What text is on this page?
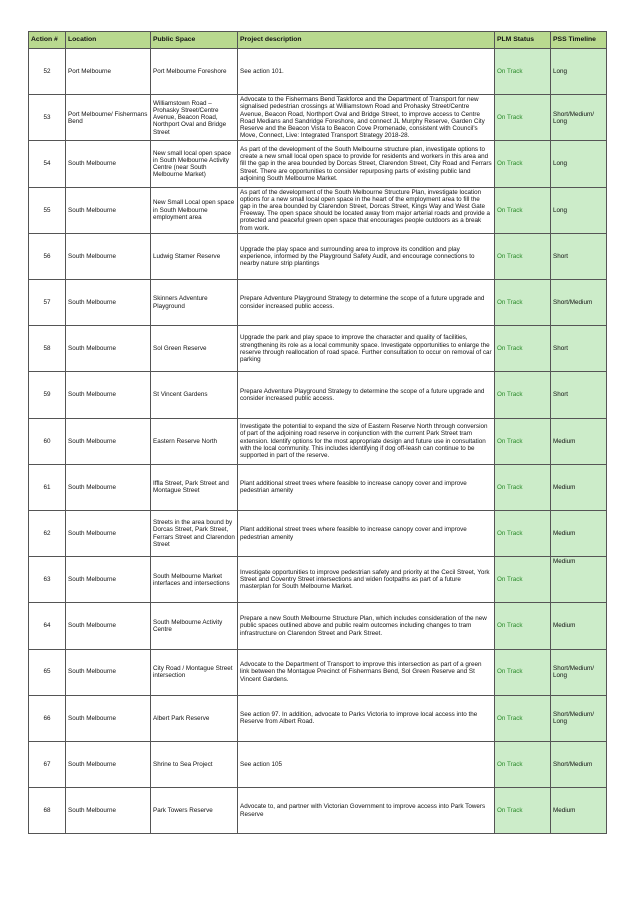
Action #	Location	Public Space	Project description	PLM Status	PSS Timeline
52	Port Melbourne	Port Melbourne Foreshore	See action 101.	On Track	Long
53	Port Melbourne/ Fishermans Bend	Williamstown Road – Prohasky Street/Centre Avenue, Beacon Road, Northport Oval and Bridge Street	Advocate to the Fishermans Bend Taskforce and the Department of Transport for new signalised pedestrian crossings at Williamstown Road and Prohasky Street/Centre Avenue, Beacon Road, Northport Oval and Bridge Street, to improve access to Centre Road Medians and Sandridge Foreshore, and connect JL Murphy Reserve, Garden City Reserve and the Beacon Vista to Beacon Cove Promenade, consistent with Council's Move, Connect, Live: Integrated Transport Strategy 2018-28.	On Track	Short/Medium/ Long
54	South Melbourne	New small local open space in South Melbourne Activity Centre (near South Melbourne Market)	As part of the development of the South Melbourne structure plan, investigate options to create a new small local open space to provide for residents and workers in this area and fill the gap in the area bounded by Dorcas Street, Clarendon Street, City Road and Ferrars Street. There are opportunities to consider repurposing parts of existing public land adjoining South Melbourne Market.	On Track	Long
55	South Melbourne	New Small Local open space in South Melbourne employment area	As part of the development of the South Melbourne Structure Plan, investigate location options for a new small local open space in the heart of the employment area to fill the gap in the area bounded by Clarendon Street, Dorcas Street, Kings Way and West Gate Freeway. The open space should be located away from major arterial roads and provide a protected and peaceful green open space that encourages people outdoors as a break from work.	On Track	Long
56	South Melbourne	Ludwig Stamer Reserve	Upgrade the play space and surrounding area to improve its condition and play experience, informed by the Playground Safety Audit, and encourage connections to nearby nature strip plantings	On Track	Short
57	South Melbourne	Skinners Adventure Playground	Prepare Adventure Playground Strategy to determine the scope of a future upgrade and consider increased public access.	On Track	Short/Medium
58	South Melbourne	Sol Green Reserve	Upgrade the park and play space to improve the character and quality of facilities, strengthening its role as a local community space. Investigate opportunities to enlarge the reserve through reallocation of road space. Further consultation to occur on removal of car parking	On Track	Short
59	South Melbourne	St Vincent Gardens	Prepare Adventure Playground Strategy to determine the scope of a future upgrade and consider increased public access.	On Track	Short
60	South Melbourne	Eastern Reserve North	Investigate the potential to expand the size of Eastern Reserve North through conversion of part of the adjoining road reserve in conjunction with the current Park Street tram extension. Identify options for the most appropriate design and future use in consultation with the local community. This includes identifying if dog off-leash can continue to be supported in part of the reserve.	On Track	Medium
61	South Melbourne	Iffla Street, Park Street and Montague Street	Plant additional street trees where feasible to increase canopy cover and improve pedestrian amenity	On Track	Medium
62	South Melbourne	Streets in the area bound by Dorcas Street, Park Street, Ferrars Street and Clarendon Street	Plant additional street trees where feasible to increase canopy cover and improve pedestrian amenity	On Track	Medium
63	South Melbourne	South Melbourne Market interfaces and intersections	Investigate opportunities to improve pedestrian safety and priority at the Cecil Street, York Street and Coventry Street intersections and widen footpaths as part of a future masterplan for South Melbourne Market.	On Track	Medium
64	South Melbourne	South Melbourne Activity Centre	Prepare a new South Melbourne Structure Plan, which includes consideration of the new public spaces outlined above and public realm outcomes including changes to tram infrastructure on Clarendon Street and Park Street.	On Track	Medium
65	South Melbourne	City Road / Montague Street intersection	Advocate to the Department of Transport to improve this intersection as part of a green link between the Montague Precinct of Fishermans Bend, Sol Green Reserve and St Vincent Gardens.	On Track	Short/Medium/ Long
66	South Melbourne	Albert Park Reserve	See action 97. In addition, advocate to Parks Victoria to improve local access into the Reserve from Albert Road.	On Track	Short/Medium/ Long
67	South Melbourne	Shrine to Sea Project	See action 105	On Track	Short/Medium
68	South Melbourne	Park Towers Reserve	Advocate to, and partner with Victorian Government to improve access into Park Towers Reserve	On Track	Medium
